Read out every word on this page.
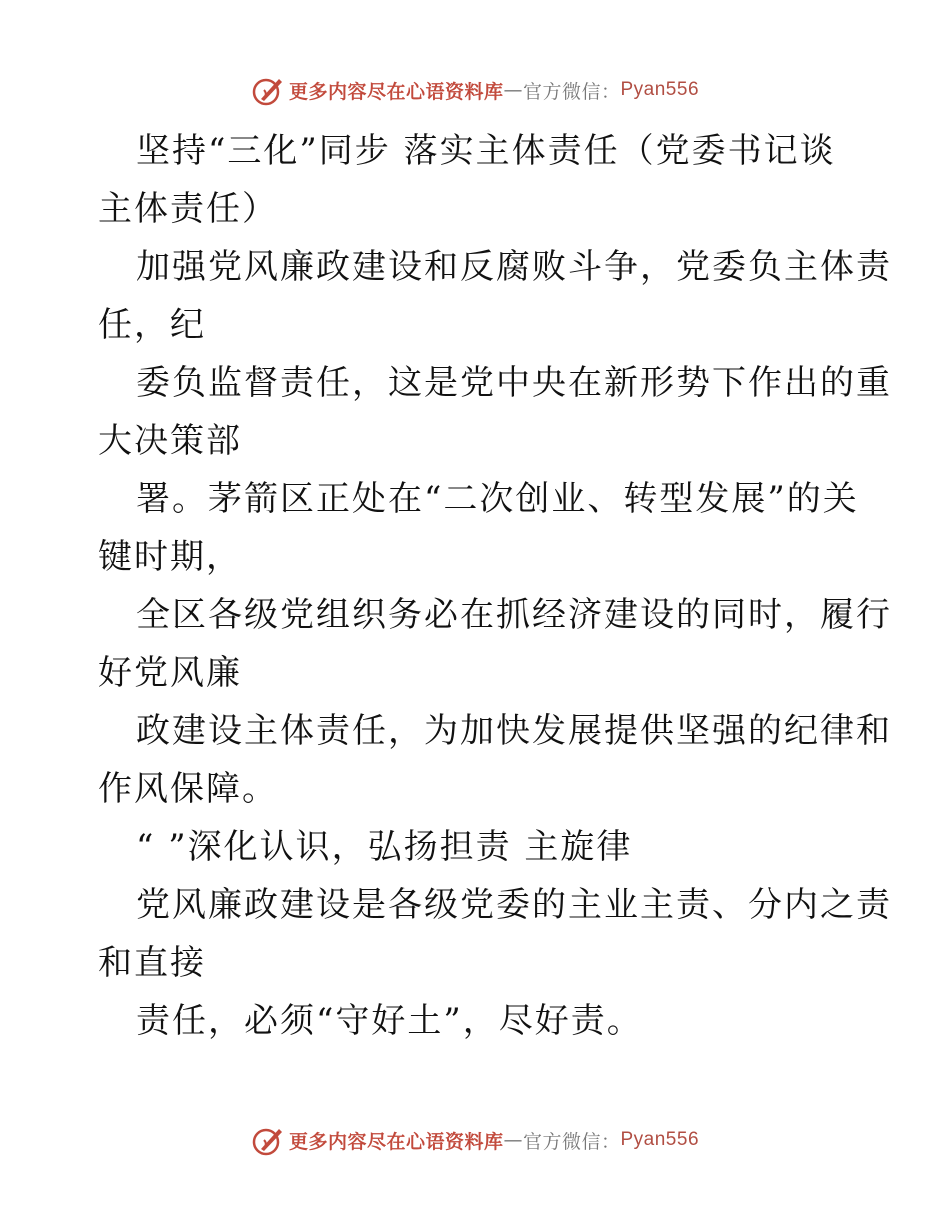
更多内容尽在心语资料库 — 官方微信： Pyan556
坚持“三化”同步 落实主体责任（党委书记谈
主体责任）
加强党风廉政建设和反腐败斗争，党委负主体责
任，纪
委负监督责任，这是党中央在新形势下作出的重
大决策部
署。茅箭区正处在“二次创业、转型发展”的关
键时期，
全区各级党组织务必在抓经济建设的同时，履行
好党风廉
政建设主体责任，为加快发展提供坚强的纪律和
作风保障。
“ ”深化认识，弘扬担责 主旋律
党风廉政建设是各级党委的主业主责、分内之责
和直接
责任，必须“守好土”，尽好责。
更多内容尽在心语资料库 — 官方微信： Pyan556
